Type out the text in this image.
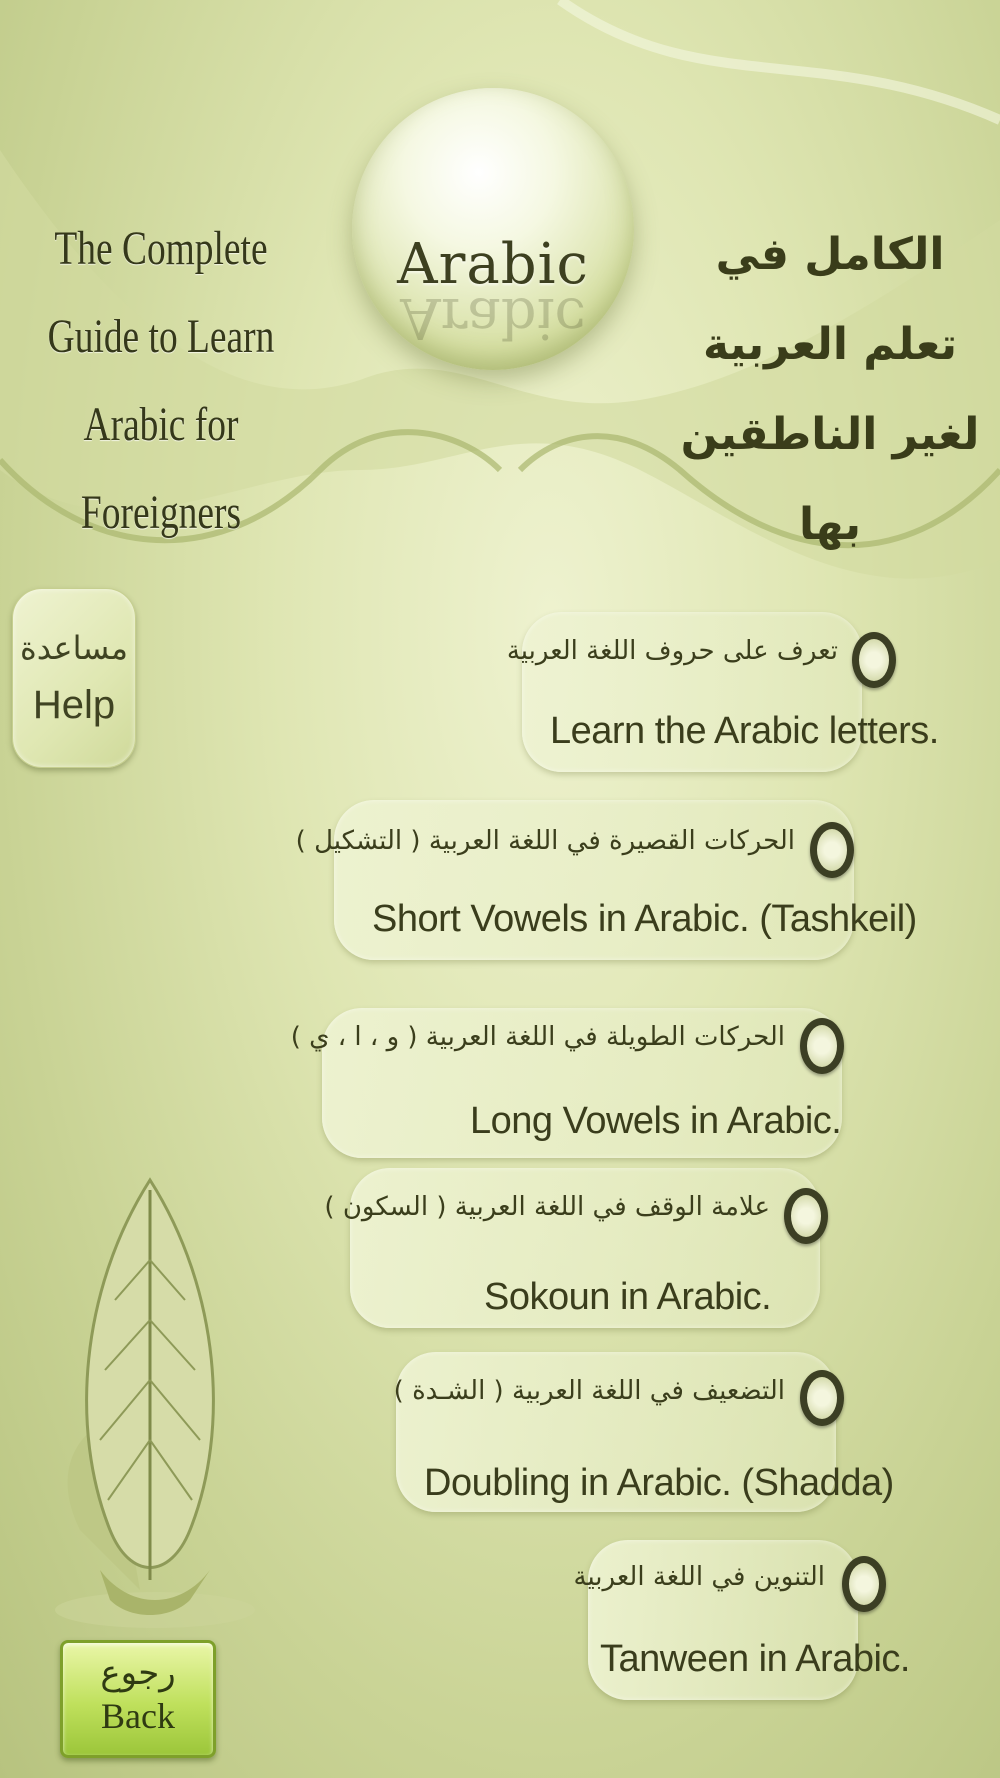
Arabic
Arabic
The Complete
Guide to Learn
Arabic for Foreigners
الكامل في
تعلم العربية
لغير الناطقين بها
مساعدة
Help
تعرف على حروف اللغة العربية
Learn the Arabic letters.
الحركات القصيرة في اللغة العربية ( التشكيل )
Short Vowels in Arabic. (Tashkeil)
الحركات الطويلة في اللغة العربية ( و ، ا ، ي )
Long Vowels in Arabic.
علامة الوقف في اللغة العربية ( السكون )
Sokoun in Arabic.
التضعيف في اللغة العربية ( الشـدة )
Doubling in Arabic. (Shadda)
التنوين في اللغة العربية
Tanween in Arabic.
رجوع
Back
